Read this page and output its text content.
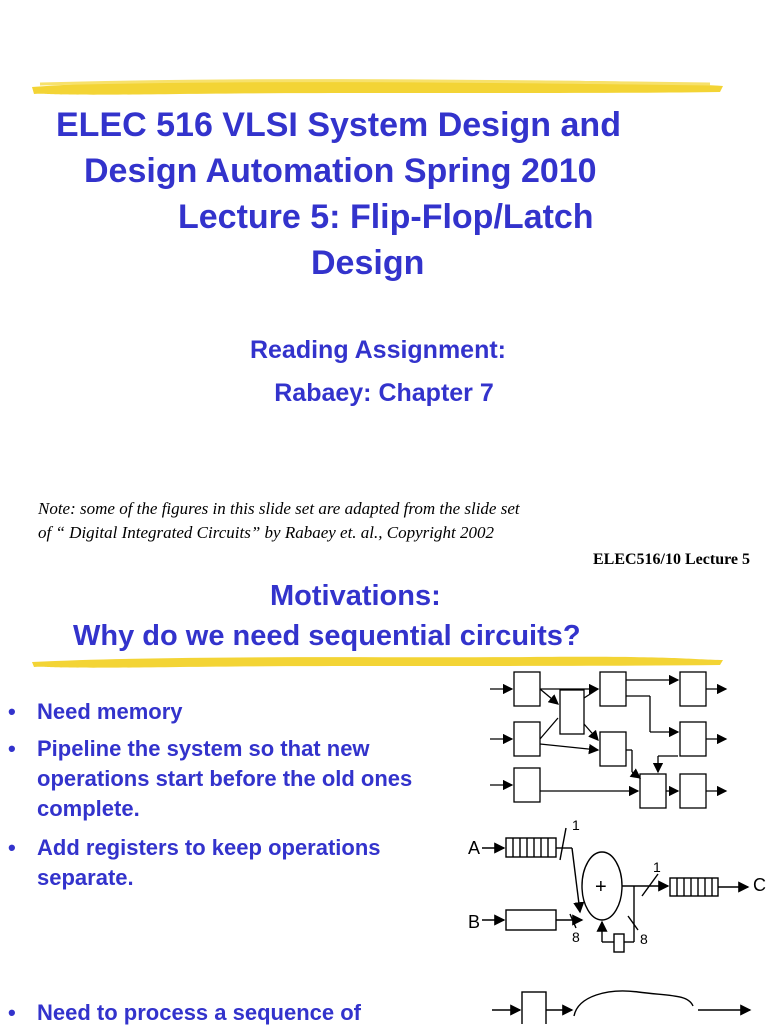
ELEC 516 VLSI System Design and
Design Automation Spring 2010
Lecture 5: Flip-Flop/Latch
Design
Reading Assignment:
Rabaey: Chapter 7
Note: some of the figures in this slide set are adapted from the slide set
of “ Digital Integrated Circuits” by Rabaey et. al., Copyright 2002
ELEC516/10 Lecture 5
Motivations:
Why do we need sequential circuits?
• Need memory
• Pipeline the system so that new
operations start before the old ones
complete.
• Add registers to keep operations
separate.
• Need to process a sequence of
A
B
C
+
1
8
1
8
